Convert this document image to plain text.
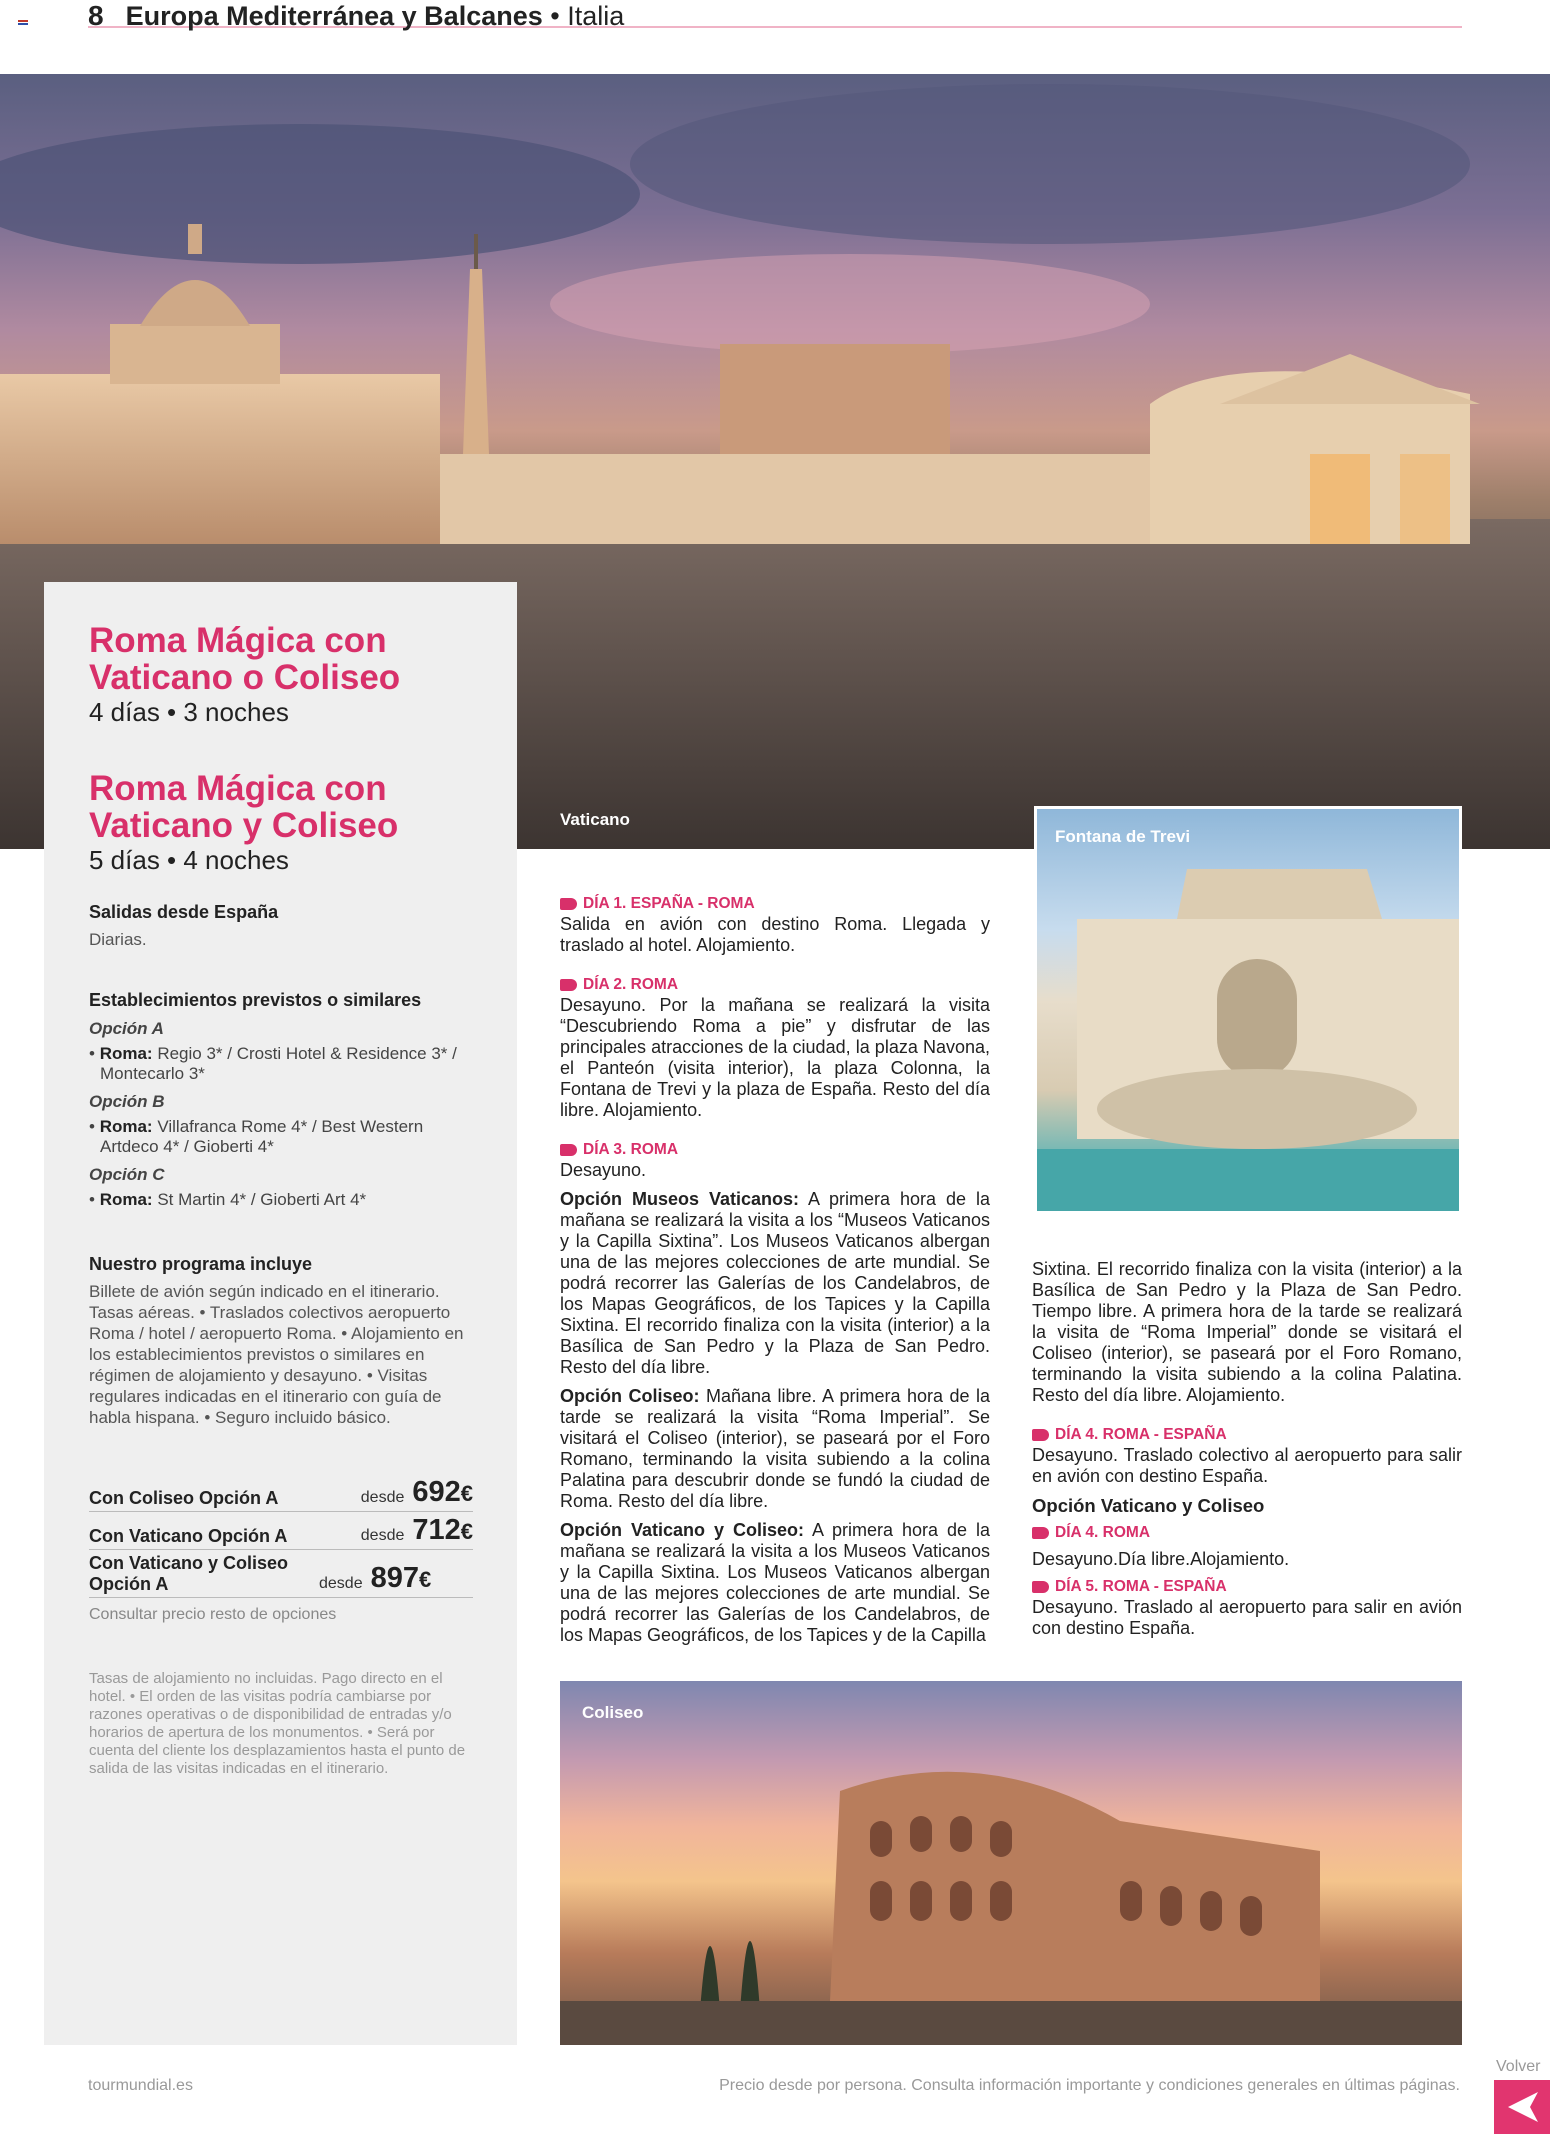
8 Europa Mediterránea y Balcanes • Italia
Vaticano
Roma Mágica con Vaticano o Coliseo
4 días • 3 noches
Roma Mágica con Vaticano y Coliseo
5 días • 4 noches
Salidas desde España
Diarias.
Establecimientos previstos o similares
Opción A
• Roma: Regio 3* / Crosti Hotel & Residence 3* / Montecarlo 3*
Opción B
• Roma: Villafranca Rome 4* / Best Western Artdeco 4* / Gioberti 4*
Opción C
• Roma: St Martin 4* / Gioberti Art 4*
Nuestro programa incluye
Billete de avión según indicado en el itinerario. Tasas aéreas. • Traslados colectivos aeropuerto Roma / hotel / aeropuerto Roma. • Alojamiento en los establecimientos previstos o similares en régimen de alojamiento y desayuno. • Visitas regulares indicadas en el itinerario con guía de habla hispana. • Seguro incluido básico.
Con Coliseo Opción A	desde 692€
Con Vaticano Opción A	desde 712€
Con Vaticano y Coliseo Opción A	desde 897€
Consultar precio resto de opciones
Tasas de alojamiento no incluidas. Pago directo en el hotel. • El orden de las visitas podría cambiarse por razones operativas o de disponibilidad de entradas y/o horarios de apertura de los monumentos. • Será por cuenta del cliente los desplazamientos hasta el punto de salida de las visitas indicadas en el itinerario.
DÍA 1. ESPAÑA - ROMA

Salida en avión con destino Roma. Llegada y traslado al hotel. Alojamiento.

DÍA 2. ROMA

Desayuno. Por la mañana se realizará la visita “Descubriendo Roma a pie” y disfrutar de las principales atracciones de la ciudad, la plaza Navona, el Panteón (visita interior), la plaza Colonna, la Fontana de Trevi y la plaza de España. Resto del día libre. Alojamiento.

DÍA 3. ROMA

Desayuno.

Opción Museos Vaticanos: A primera hora de la mañana se realizará la visita a los “Museos Vaticanos y la Capilla Sixtina”. Los Museos Vaticanos albergan una de las mejores colecciones de arte mundial. Se podrá recorrer las Galerías de los Candelabros, de los Mapas Geográficos, de los Tapices y la Capilla Sixtina. El recorrido finaliza con la visita (interior) a la Basílica de San Pedro y la Plaza de San Pedro. Resto del día libre.

Opción Coliseo: Mañana libre. A primera hora de la tarde se realizará la visita “Roma Imperial”. Se visitará el Coliseo (interior), se paseará por el Foro Romano, terminando la visita subiendo a la colina Palatina para descubrir donde se fundó la ciudad de Roma. Resto del día libre.

Opción Vaticano y Coliseo: A primera hora de la mañana se realizará la visita a los Museos Vaticanos y la Capilla Sixtina. Los Museos Vaticanos albergan una de las mejores colecciones de arte mundial. Se podrá recorrer las Galerías de los Candelabros, de los Mapas Geográficos, de los Tapices y de la Capilla

Fontana de Trevi

Sixtina. El recorrido finaliza con la visita (interior) a la Basílica de San Pedro y la Plaza de San Pedro. Tiempo libre. A primera hora de la tarde se realizará la visita de “Roma Imperial” donde se visitará el Coliseo (interior), se paseará por el Foro Romano, terminando la visita subiendo a la colina Palatina. Resto del día libre. Alojamiento.

DÍA 4. ROMA - ESPAÑA

Desayuno. Traslado colectivo al aeropuerto para salir en avión con destino España.

Opción Vaticano y Coliseo
DÍA 4. ROMA

Desayuno.Día libre.Alojamiento.

DÍA 5. ROMA - ESPAÑA

Desayuno. Traslado al aeropuerto para salir en avión con destino España.

Coliseo
tourmundial.es	Precio desde por persona. Consulta información importante y condiciones generales en últimas páginas.
Volver
